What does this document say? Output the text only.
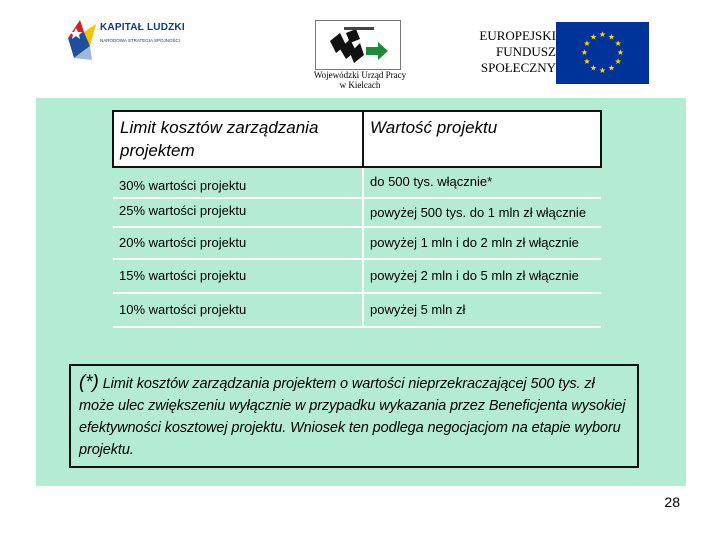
KAPITAŁ LUDZKI
NARODOWA STRATEGIA SPÓJNOŚCI
Wojewódzki Urząd Pracy
w Kielcach
EUROPEJSKI
FUNDUSZ
SPOŁECZNY
★ ★
★
★
★
★
★
★
★
★
★
★
Limit kosztów zarządzania projektem	Wartość projektu
30% wartości projektu	do 500 tys. włącznie*
25% wartości projektu	powyżej 500 tys. do 1 mln zł włącznie
20% wartości projektu	powyżej 1 mln i do 2 mln zł włącznie
15% wartości projektu	powyżej 2 mln i do 5 mln zł włącznie
10% wartości projektu	powyżej 5 mln zł

(*) Limit kosztów zarządzania projektem o wartości nieprzekraczającej 500 tys. zł może ulec zwiększeniu wyłącznie w przypadku wykazania przez Beneficjenta wysokiej efektywności kosztowej projektu. Wniosek ten podlega negocjacjom na etapie wyboru projektu.

28
